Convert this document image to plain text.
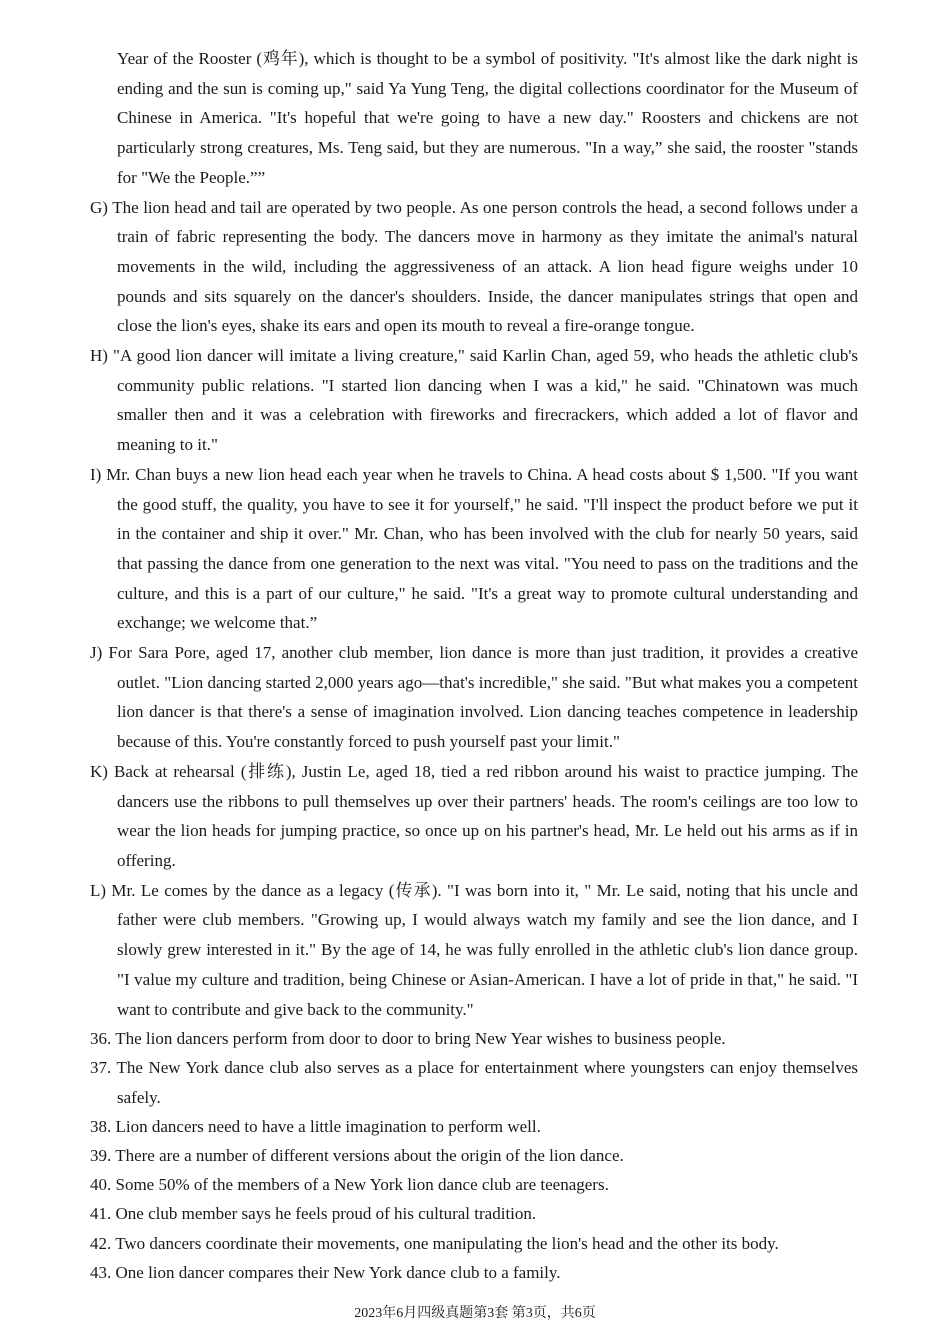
Year of the Rooster (鸡年), which is thought to be a symbol of positivity. "It's almost like the dark night is ending and the sun is coming up," said Ya Yung Teng, the digital collections coordinator for the Museum of Chinese in America. "It's hopeful that we're going to have a new day." Roosters and chickens are not particularly strong creatures, Ms. Teng said, but they are numerous. "In a way,” she said, the rooster "stands for "We the People.””

G) The lion head and tail are operated by two people. As one person controls the head, a second follows under a train of fabric representing the body. The dancers move in harmony as they imitate the animal's natural movements in the wild, including the aggressiveness of an attack. A lion head figure weighs under 10 pounds and sits squarely on the dancer's shoulders. Inside, the dancer manipulates strings that open and close the lion's eyes, shake its ears and open its mouth to reveal a fire-orange tongue.

H) "A good lion dancer will imitate a living creature," said Karlin Chan, aged 59, who heads the athletic club's community public relations. "I started lion dancing when I was a kid," he said. "Chinatown was much smaller then and it was a celebration with fireworks and firecrackers, which added a lot of flavor and meaning to it."

I) Mr. Chan buys a new lion head each year when he travels to China. A head costs about $ 1,500. "If you want the good stuff, the quality, you have to see it for yourself," he said. "I'll inspect the product before we put it in the container and ship it over." Mr. Chan, who has been involved with the club for nearly 50 years, said that passing the dance from one generation to the next was vital. "You need to pass on the traditions and the culture, and this is a part of our culture," he said. "It's a great way to promote cultural understanding and exchange; we welcome that.”

J) For Sara Pore, aged 17, another club member, lion dance is more than just tradition, it provides a creative outlet. "Lion dancing started 2,000 years ago—that's incredible," she said. "But what makes you a competent lion dancer is that there's a sense of imagination involved. Lion dancing teaches competence in leadership because of this. You're constantly forced to push yourself past your limit."

K) Back at rehearsal (排练), Justin Le, aged 18, tied a red ribbon around his waist to practice jumping. The dancers use the ribbons to pull themselves up over their partners' heads. The room's ceilings are too low to wear the lion heads for jumping practice, so once up on his partner's head, Mr. Le held out his arms as if in offering.

L) Mr. Le comes by the dance as a legacy (传承). "I was born into it, " Mr. Le said, noting that his uncle and father were club members. "Growing up, I would always watch my family and see the lion dance, and I slowly grew interested in it." By the age of 14, he was fully enrolled in the athletic club's lion dance group. "I value my culture and tradition, being Chinese or Asian-American. I have a lot of pride in that," he said. "I want to contribute and give back to the community."

36. The lion dancers perform from door to door to bring New Year wishes to business people.

37. The New York dance club also serves as a place for entertainment where youngsters can enjoy themselves safely.

38. Lion dancers need to have a little imagination to perform well.

39. There are a number of different versions about the origin of the lion dance.

40. Some 50% of the members of a New York lion dance club are teenagers.

41. One club member says he feels proud of his cultural tradition.

42. Two dancers coordinate their movements, one manipulating the lion's head and the other its body.

43. One lion dancer compares their New York dance club to a family.

2023年6月四级真题第3套 第3页，共6页
